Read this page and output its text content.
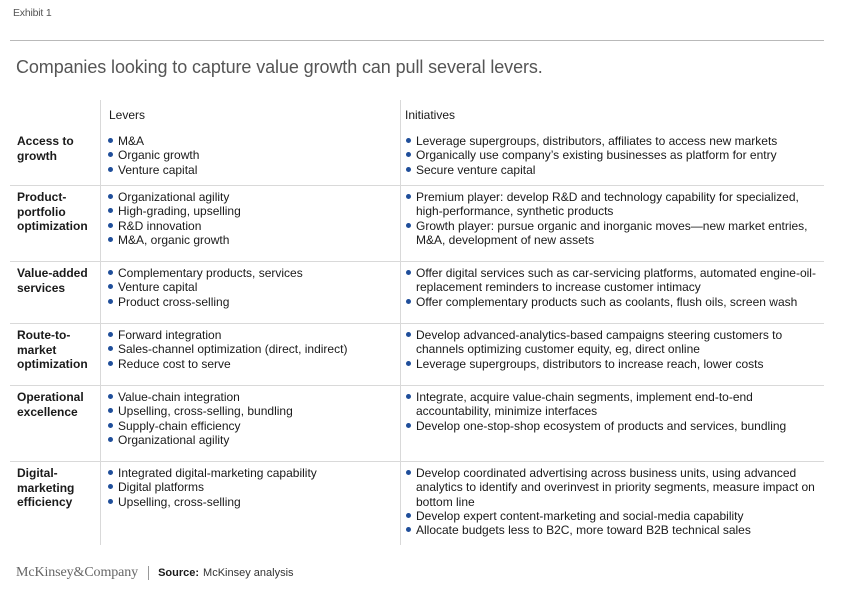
Exhibit 1
Companies looking to capture value growth can pull several levers.
Levers	Initiatives
Access to growth
M&A
Organic growth
Venture capital
Leverage supergroups, distributors, affiliates to access new markets
Organically use company’s existing businesses as platform for entry
Secure venture capital
Product-portfolio optimization
Organizational agility
High-grading, upselling
R&D innovation
M&A, organic growth
Premium player: develop R&D and technology capability for specialized, high-performance, synthetic products
Growth player: pursue organic and inorganic moves—new market entries, M&A, development of new assets
Value-added services
Complementary products, services
Venture capital
Product cross-selling
Offer digital services such as car-servicing platforms, automated engine-oil-replacement reminders to increase customer intimacy
Offer complementary products such as coolants, flush oils, screen wash
Route-to-market optimization
Forward integration
Sales-channel optimization (direct, indirect)
Reduce cost to serve
Develop advanced-analytics-based campaigns steering customers to channels optimizing customer equity, eg, direct online
Leverage supergroups, distributors to increase reach, lower costs
Operational excellence
Value-chain integration
Upselling, cross-selling, bundling
Supply-chain efficiency
Organizational agility
Integrate, acquire value-chain segments, implement end-to-end accountability, minimize interfaces
Develop one-stop-shop ecosystem of products and services, bundling
Digital-marketing efficiency
Integrated digital-marketing capability
Digital platforms
Upselling, cross-selling
Develop coordinated advertising across business units, using advanced analytics to identify and overinvest in priority segments, measure impact on bottom line
Develop expert content-marketing and social-media capability
Allocate budgets less to B2C, more toward B2B technical sales
McKinsey&Company Source: McKinsey analysis
